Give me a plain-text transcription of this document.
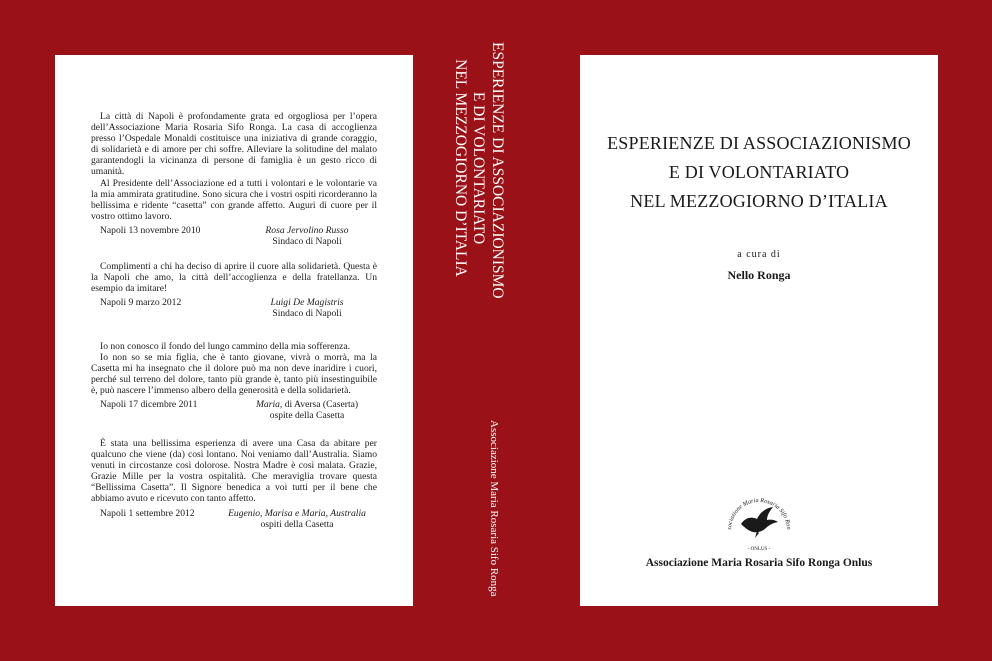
La città di Napoli è profondamente grata ed orgogliosa per l’opera dell’Associazione Maria Rosaria Sifo Ronga. La casa di accoglienza presso l’Ospedale Monaldi costituisce una iniziativa di grande coraggio, di solidarietà e di amore per chi soffre. Alleviare la solitudine del malato garantendogli la vicinanza di persone di famiglia è un gesto ricco di umanità.

Al Presidente dell’Associazione ed a tutti i volontari e le volontarie va la mia ammirata gratitudine. Sono sicura che i vostri ospiti ricorderanno la bellissima e ridente “casetta” con grande affetto. Auguri di cuore per il vostro ottimo lavoro.

Napoli 13 novembre 2010	Rosa Jervolino Russo
Sindaco di Napoli

Complimenti a chi ha deciso di aprire il cuore alla solidarietà. Questa è la Napoli che amo, la città dell’accoglienza e della fratellanza. Un esempio da imitare!

Napoli 9 marzo 2012	Luigi De Magistris
Sindaco di Napoli

Io non conosco il fondo del lungo cammino della mia sofferenza.

Io non so se mia figlia, che è tanto giovane, vivrà o morrà, ma la Casetta mi ha insegnato che il dolore può ma non deve inaridire i cuori, perché sul terreno del dolore, tanto più grande è, tanto più insestinguibile è, può nascere l’immenso albero della generosità e della solidarietà.

Napoli 17 dicembre 2011	Maria, di Aversa (Caserta)
ospite della Casetta

È stata una bellissima esperienza di avere una Casa da abitare per qualcuno che viene (da) così lontano. Noi veniamo dall’Australia. Siamo venuti in circostanze così dolorose. Nostra Madre è così malata. Grazie, Grazie Mille per la vostra ospitalità. Che meraviglia trovare questa “Bellissima Casetta”. Il Signore benedica a voi tutti per il bene che abbiamo avuto e ricevuto con tanto affetto.

Napoli 1 settembre 2012	Eugenio, Marisa e Maria, Australia
ospiti della Casetta
ESPERIENZE DI ASSOCIAZIONISMO
E DI VOLONTARIATO
NEL MEZZOGIORNO D’ITALIA
Associazione Maria Rosaria Sifo Ronga
ESPERIENZE DI ASSOCIAZIONISMO
E DI VOLONTARIATO
NEL MEZZOGIORNO D’ITALIA
a cura di
Nello Ronga
sociazione Maria Rosaria Sifo Ron
- ONLUS -
Associazione Maria Rosaria Sifo Ronga Onlus
